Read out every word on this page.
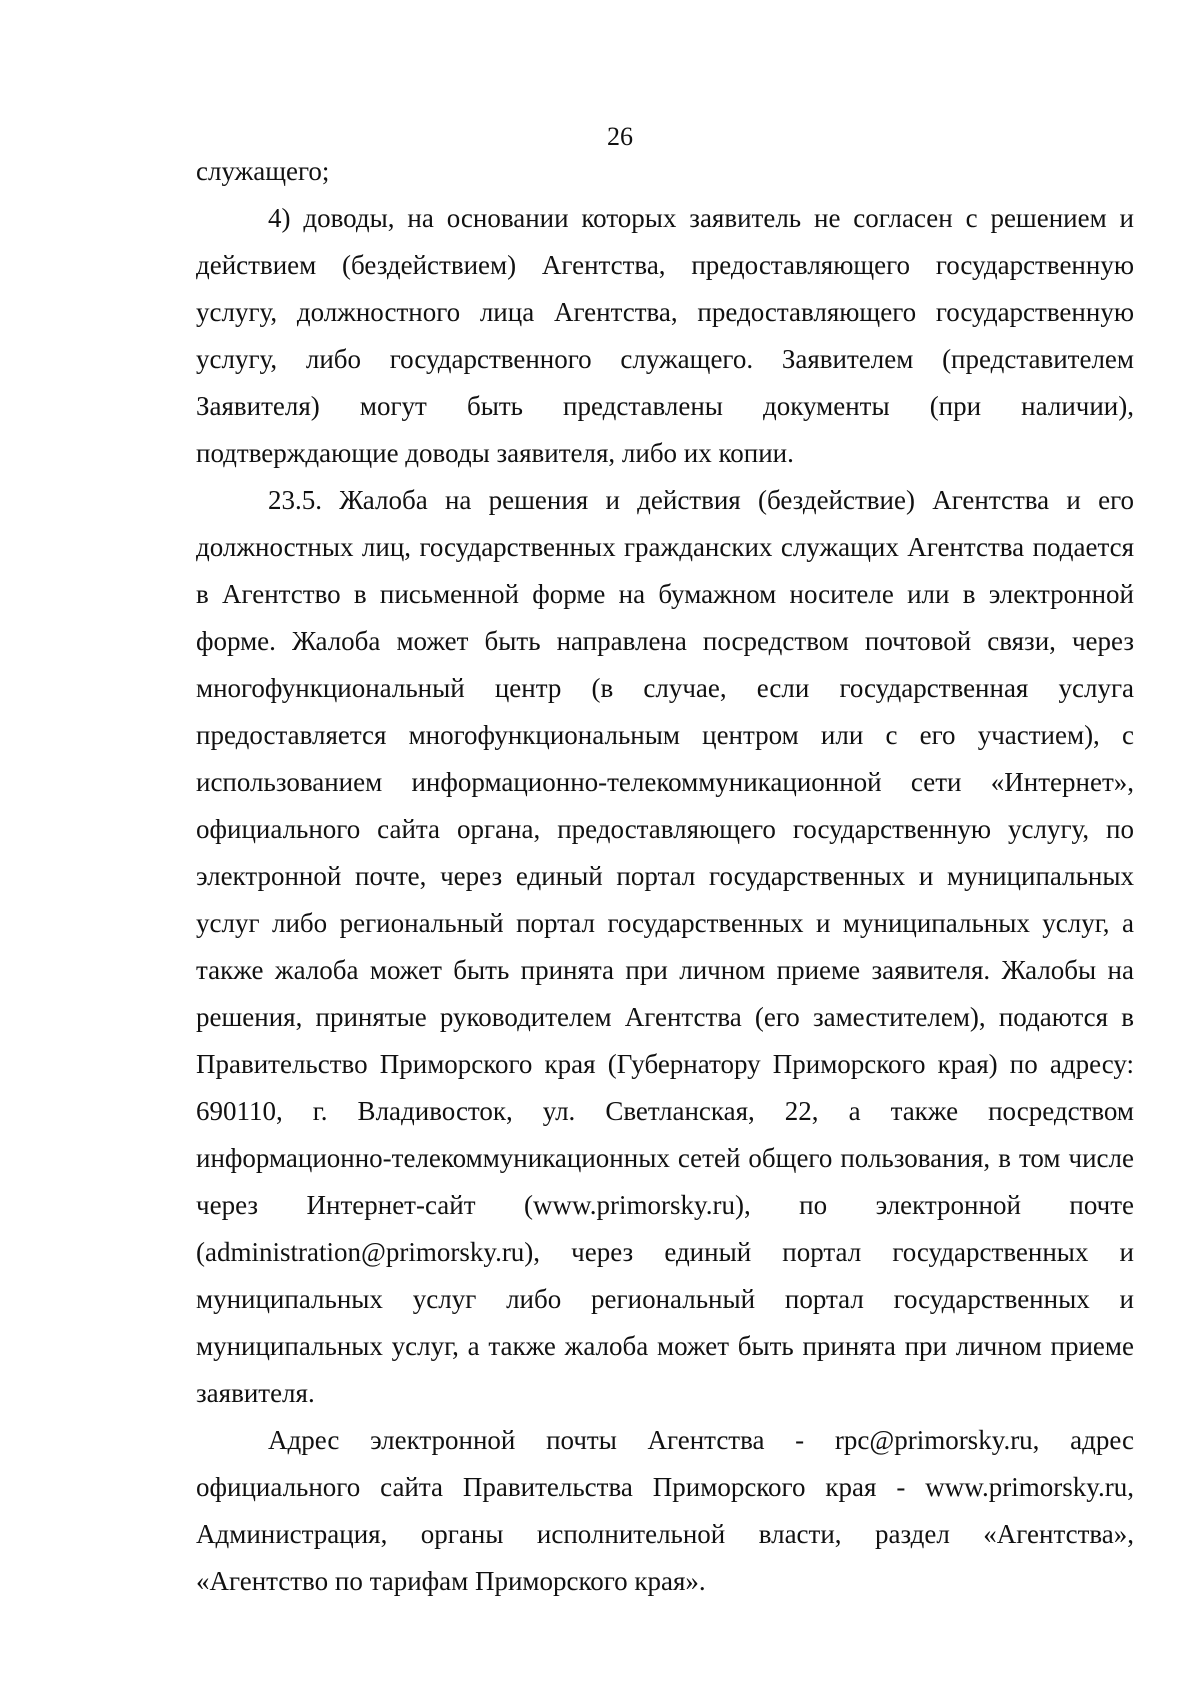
26

служащего;

4) доводы, на основании которых заявитель не согласен с решением и действием (бездействием) Агентства, предоставляющего государственную услугу, должностного лица Агентства, предоставляющего государственную услугу, либо государственного служащего. Заявителем (представителем Заявителя) могут быть представлены документы (при наличии), подтверждающие доводы заявителя, либо их копии.

23.5. Жалоба на решения и действия (бездействие) Агентства и его должностных лиц, государственных гражданских служащих Агентства подается в Агентство в письменной форме на бумажном носителе или в электронной форме. Жалоба может быть направлена посредством почтовой связи, через многофункциональный центр (в случае, если государственная услуга предоставляется многофункциональным центром или с его участием), с использованием информационно-телекоммуникационной сети «Интернет», официального сайта органа, предоставляющего государственную услугу, по электронной почте, через единый портал государственных и муниципальных услуг либо региональный портал государственных и муниципальных услуг, а также жалоба может быть принята при личном приеме заявителя. Жалобы на решения, принятые руководителем Агентства (его заместителем), подаются в Правительство Приморского края (Губернатору Приморского края) по адресу: 690110, г. Владивосток, ул. Светланская, 22, а также посредством информационно-телекоммуникационных сетей общего пользования, в том числе через Интернет-сайт (www.primorsky.ru), по электронной почте (administration@primorsky.ru), через единый портал государственных и муниципальных услуг либо региональный портал государственных и муниципальных услуг, а также жалоба может быть принята при личном приеме заявителя.

Адрес электронной почты Агентства - rpc@primorsky.ru, адрес официального сайта Правительства Приморского края - www.primorsky.ru, Администрация, органы исполнительной власти, раздел «Агентства», «Агентство по тарифам Приморского края».
